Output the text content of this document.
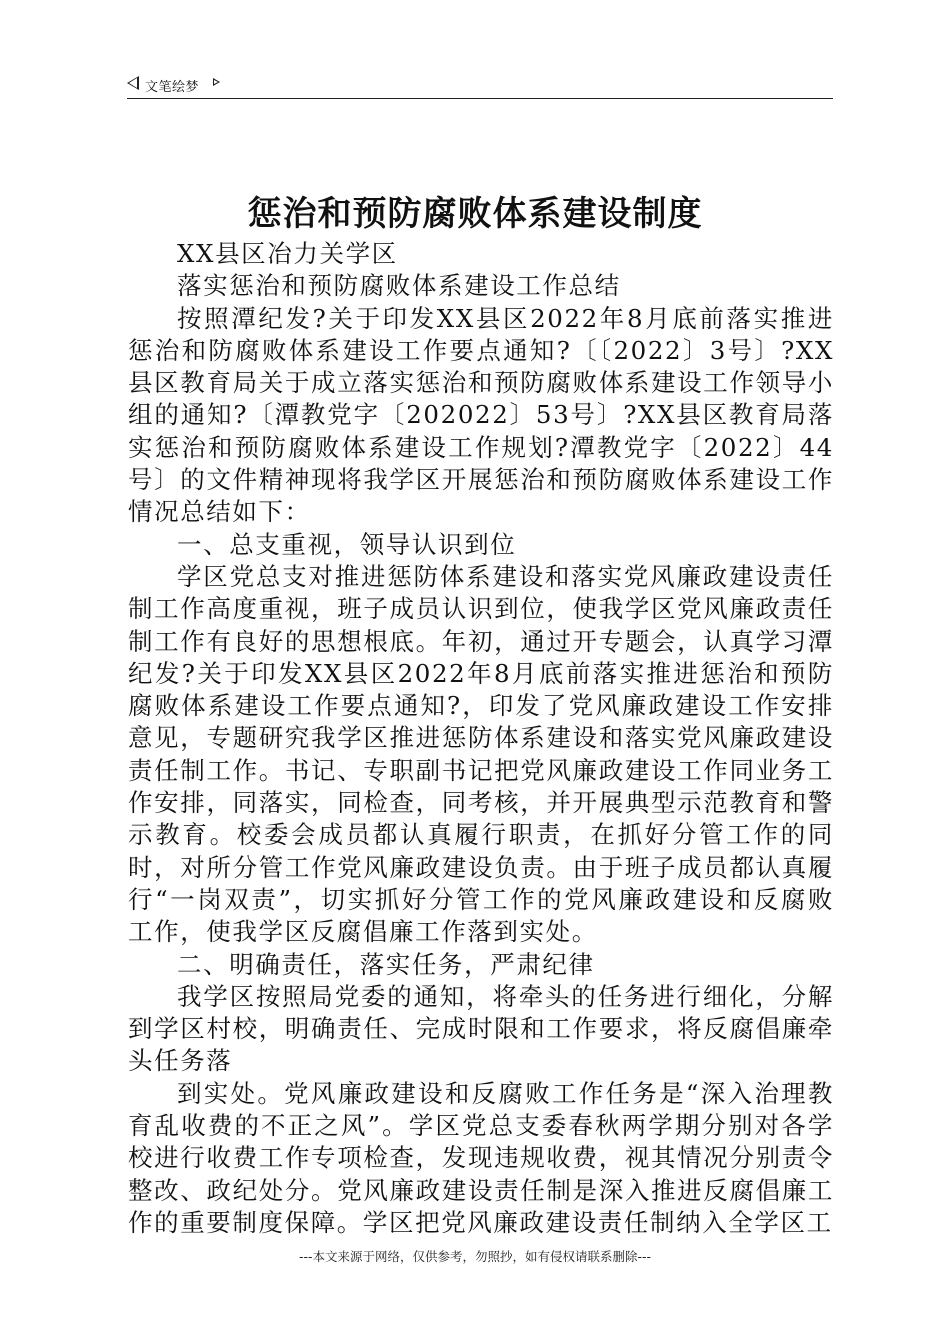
文笔绘梦
惩治和预防腐败体系建设制度

XX县区冶力关学区

落实惩治和预防腐败体系建设工作总结

按照潭纪发?关于印发XX县区2022年8月底前落实推进惩治和防腐败体系建设工作要点通知?〔〔2022〕3号〕?XX县区教育局关于成立落实惩治和预防腐败体系建设工作领导小组的通知?〔潭教党字〔202022〕53号〕?XX县区教育局落实惩治和预防腐败体系建设工作规划?潭教党字〔2022〕44号〕的文件精神现将我学区开展惩治和预防腐败体系建设工作情况总结如下：

一、总支重视，领导认识到位

学区党总支对推进惩防体系建设和落实党风廉政建设责任制工作高度重视，班子成员认识到位，使我学区党风廉政责任制工作有良好的思想根底。年初，通过开专题会，认真学习潭纪发?关于印发XX县区2022年8月底前落实推进惩治和预防腐败体系建设工作要点通知?，印发了党风廉政建设工作安排意见，专题研究我学区推进惩防体系建设和落实党风廉政建设责任制工作。书记、专职副书记把党风廉政建设工作同业务工作安排，同落实，同检查，同考核，并开展典型示范教育和警示教育。校委会成员都认真履行职责，在抓好分管工作的同时，对所分管工作党风廉政建设负责。由于班子成员都认真履行“一岗双责”，切实抓好分管工作的党风廉政建设和反腐败工作，使我学区反腐倡廉工作落到实处。

二、明确责任，落实任务，严肃纪律

我学区按照局党委的通知，将牵头的任务进行细化，分解到学区村校，明确责任、完成时限和工作要求，将反腐倡廉牵头任务落

到实处。党风廉政建设和反腐败工作任务是“深入治理教育乱收费的不正之风”。学区党总支委春秋两学期分别对各学校进行收费工作专项检查，发现违规收费，视其情况分别责令整改、政纪处分。党风廉政建设责任制是深入推进反腐倡廉工作的重要制度保障。学区把党风廉政建设责任制纳入全学区工

---本文来源于网络，仅供参考，勿照抄，如有侵权请联系删除---
